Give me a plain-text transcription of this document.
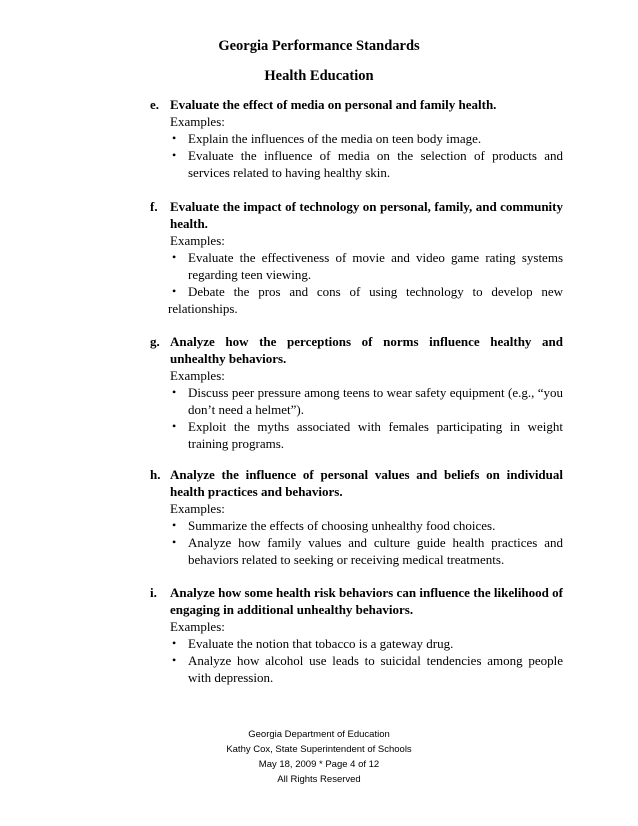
Georgia Performance Standards
Health Education
e. Evaluate the effect of media on personal and family health.
Examples:
• Explain the influences of the media on teen body image.
• Evaluate the influence of media on the selection of products and services related to having healthy skin.
f. Evaluate the impact of technology on personal, family, and community health.
Examples:
• Evaluate the effectiveness of movie and video game rating systems regarding teen viewing.
• Debate the pros and cons of using technology to develop new relationships.
g. Analyze how the perceptions of norms influence healthy and unhealthy behaviors.
Examples:
• Discuss peer pressure among teens to wear safety equipment (e.g., “you don’t need a helmet”).
• Exploit the myths associated with females participating in weight training programs.
h. Analyze the influence of personal values and beliefs on individual health practices and behaviors.
Examples:
• Summarize the effects of choosing unhealthy food choices.
• Analyze how family values and culture guide health practices and behaviors related to seeking or receiving medical treatments.
i. Analyze how some health risk behaviors can influence the likelihood of engaging in additional unhealthy behaviors.
Examples:
• Evaluate the notion that tobacco is a gateway drug.
• Analyze how alcohol use leads to suicidal tendencies among people with depression.
Georgia Department of Education
Kathy Cox, State Superintendent of Schools
May 18, 2009 * Page 4 of 12
All Rights Reserved
